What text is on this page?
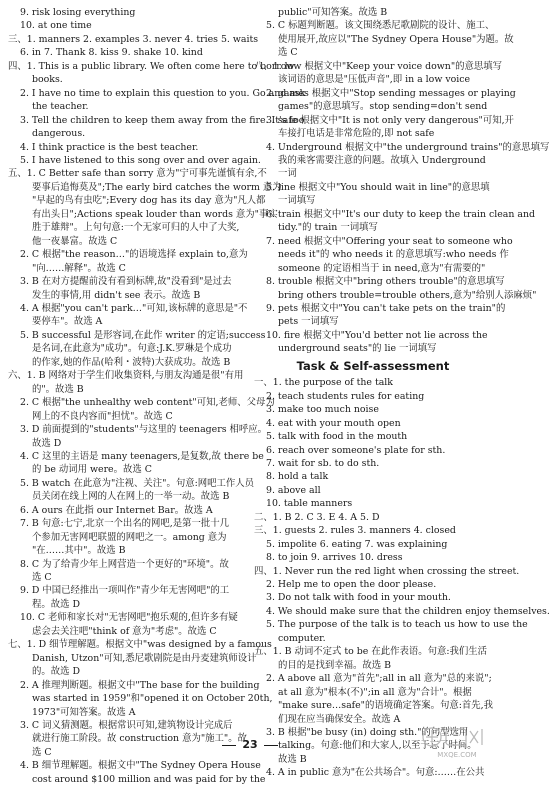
9. risk losing everything
10. at one time
三、1. manners 2. examples 3. never 4. tries 5. waits
6. in 7. Thank 8. kiss 9. shake 10. kind
四、1. This is a public library. We often come here to borrow
books.
2. I have no time to explain this question to you. Go and ask
the teacher.
3. Tell the children to keep them away from the fire. It's too
dangerous.
4. I think practice is the best teacher.
5. I have listened to this song over and over again.
五、1. C Better safe than sorry 意为"宁可事先谨慎有余,不
要事后追悔莫及";The early bird catches the worm 意为
"早起的鸟有虫吃";Every dog has its day 意为"凡人都
有出头日";Actions speak louder than words 意为"事实
胜于雄辩"。上句句意:一个无家可归的人中了大奖,
他一夜暴富。故选 C
2. C 根据"the reason…"的语境选择 explain to,意为
"向……解释"。故选 C
3. B 在对方提醒前没有看到标牌,故"没看到"是过去
发生的事情,用 didn't see 表示。故选 B
4. A 根据"you can't park…"可知,该标牌的意思是"不
要停车"。故选 A
5. B successful 是形容词,在此作 writer 的定语;success
是名词,在此意为"成功"。句意:J.K.罗琳是个成功
的作家,她的作品(哈利・波特)大获成功。故选 B
六、1. B 网络对于学生们收集资料,与朋友沟通是很"有用
的"。故选 B
2. C 根据"the unhealthy web content"可知,老师、父母为
网上的不良内容而"担忧"。故选 C
3. D 前面提到的"students"与这里的 teenagers 相呼应。
故选 D
4. C 这里的主语是 many teenagers,是复数,故 there be
的 be 动词用 were。故选 C
5. B watch 在此意为"注视、关注"。句意:网吧工作人员
员关闭在线上网的人在网上的一举一动。故选 B
6. A ours 在此指 our Internet Bar。故选 A
7. B 句意:七宁,北京一个出名的网吧,是第一批十几
个参加无害网吧联盟的网吧之一。among 意为
"在……其中"。故选 B
8. C 为了给青少年上网营造一个更好的"环境"。故
选 C
9. D 中国已经推出一项叫作"青少年无害网吧"的工
程。故选 D
10. C 老师和家长对"无害网吧"抱乐观的,但许多有疑
虑会去关注吧"think of 意为"考虑"。故选 C
七、1. D 细节理解题。根据文中"was designed by a famous
Danish, Utzon"可知,悉尼歌剧院是由丹麦建筑师设计
的。故选 D
2. A 推理判断题。根据文中"The base for the building
was started in 1959"和"opened it on October 20th,
1973"可知答案。故选 A
3. C 词义猜测题。根据常识可知,建筑物设计完成后
就进行施工阶段。故 construction 意为"施工"。故
选 C
4. B 细节理解题。根据文中"The Sydney Opera House
cost around $100 million and was paid for by the
public"可知答案。故选 B
5. C 标题判断题。该文围绕悉尼歌剧院的设计、施工、
使用展开,故应以"The Sydney Opera House"为题。故
选 C
八、1. low 根据文中"Keep your voice down"的意思填写
该词语的意思是"压低声音",即 in a low voice
2. games 根据文中"Stop sending messages or playing
games"的意思填写。stop sending=don't send
3. safe 根据文中"It is not only very dangerous"可知,开
车接打电话是非常危险的,即 not safe
4. Underground 根据文中"the underground trains"的意思填写
我的乘客需要注意的问题。故填入 Underground
一词
5. line 根据文中"You should wait in line"的意思填
一词填写
6. train 根据文中"It's our duty to keep the train clean and
tidy."的 train 一词填写
7. need 根据文中"Offering your seat to someone who
needs it"的 who needs it 的意思填写:who needs 作
someone 的定语相当于 in need,意为"有需要的"
8. trouble 根据文中"bring others trouble"的意思填写
bring others trouble=trouble others,意为"给别人添麻烦"
9. pets 根据文中"You can't take pets on the train"的
pets 一词填写
10. fire 根据文中"You'd better not lie across the
underground seats"的 lie 一词填写
Task & Self-assessment
一、1. the purpose of the talk
2. teach students rules for eating
3. make too much noise
4. eat with your mouth open
5. talk with food in the mouth
6. reach over someone's plate for sth.
7. wait for sb. to do sth.
8. hold a talk
9. above all
10. table manners
二、1. B 2. C 3. E 4. A 5. D
三、1. guests 2. rules 3. manners 4. closed
5. impolite 6. eating 7. was explaining
8. to join 9. arrives 10. dress
四、1. Never run the red light when crossing the street.
2. Help me to open the door please.
3. Do not talk with food in your mouth.
4. We should make sure that the children enjoy themselves.
5. The purpose of the talk is to teach us how to use the
computer.
五、1. B 动词不定式 to be 在此作表语。句意:我们生活
的目的是找到幸福。故选 B
2. A above all 意为"首先";all in all 意为"总的来说";
at all 意为"根本(不)";in all 意为"合计"。根据
"make sure…safe"的语境确定答案。句意:首先,我
们现在应当确保安全。故选 A
3. B 根据"be busy (in) doing sth."的句型选用
talking。句意:他们和大家人,以至于忘了时间。
故选 B
4. A in public 意为"在公共场合"。句意:……在公共
23
MXQE.COM
